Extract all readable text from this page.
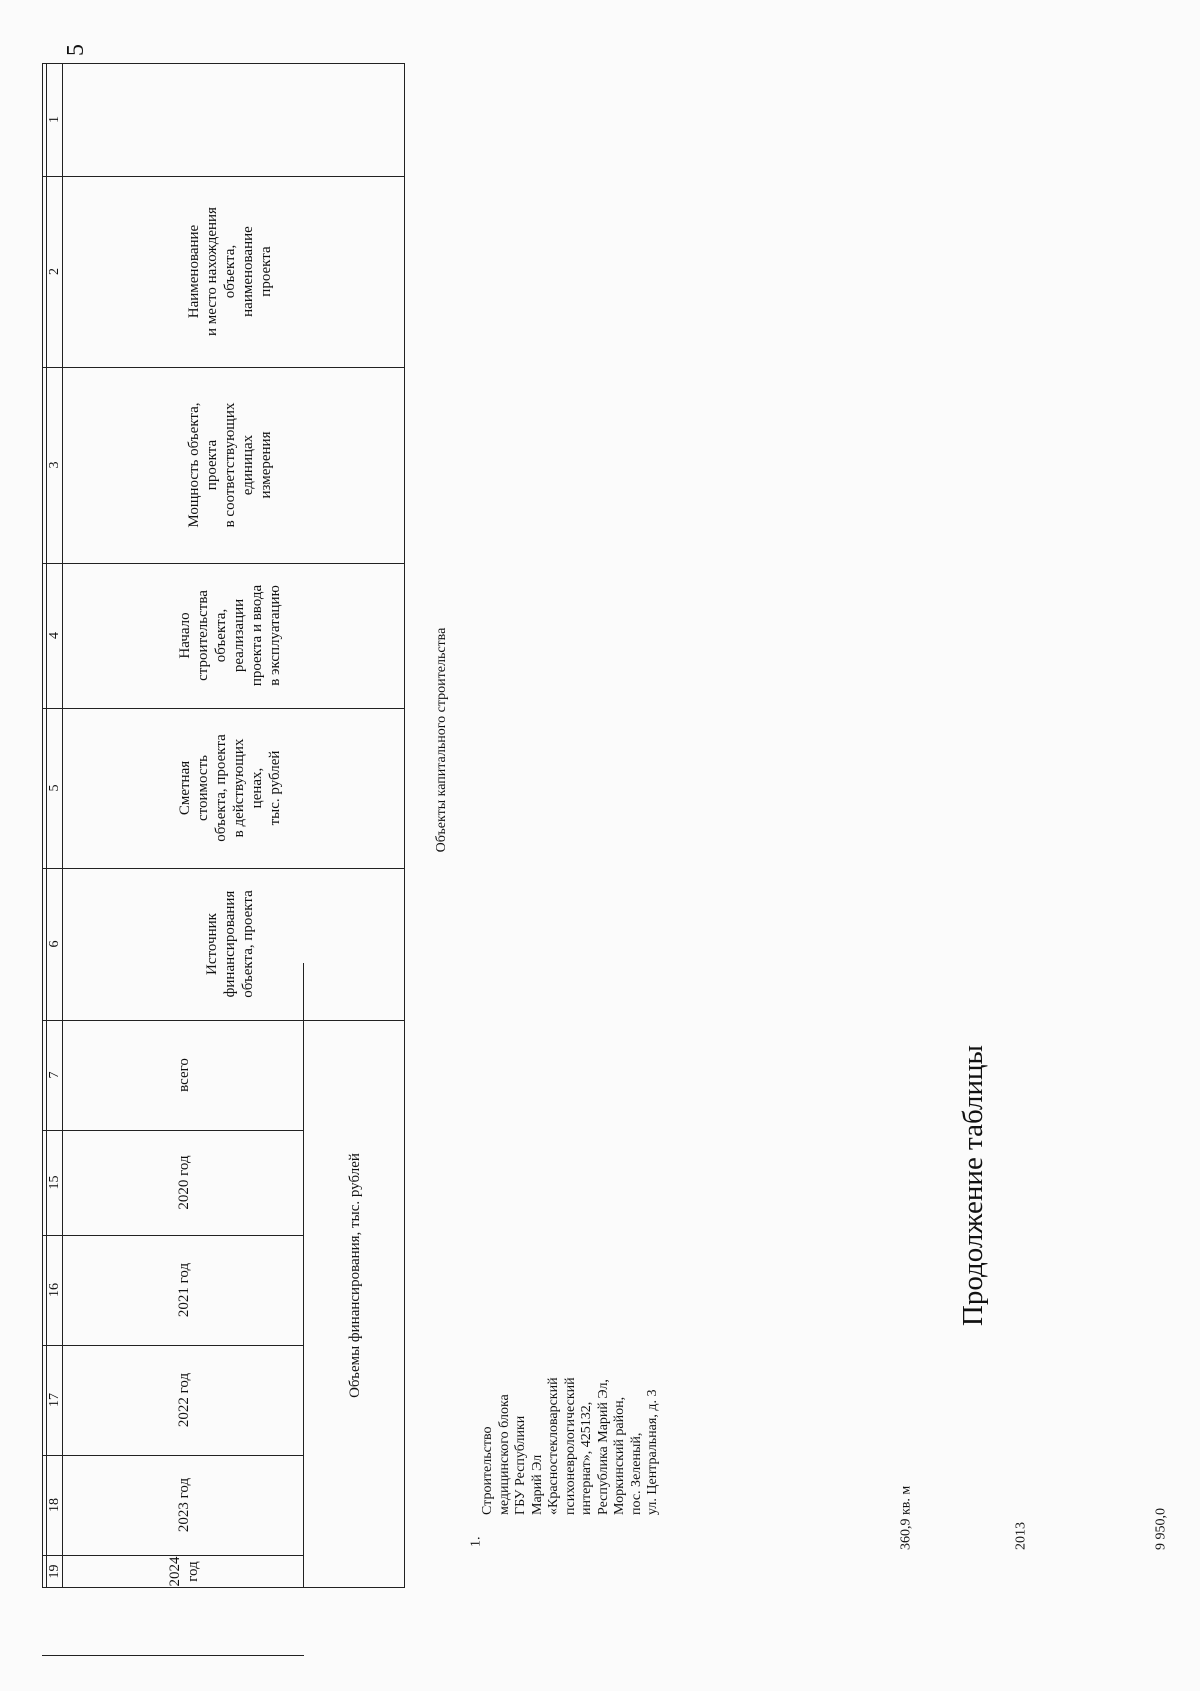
5
Продолжение таблицы
Наименование
и место нахождения
объекта,
наименование
проекта
Мощность объекта,
проекта
в соответствующих
единицах
измерения
Начало
строительства
объекта,
реализации
проекта и ввода
в эксплуатацию
Сметная
стоимость
объекта, проекта
в действующих
ценах,
тыс. рублей
Источник
финансирования
объекта, проекта
Объемы финансирования, тыс. рублей
всего
2020 год
2021 год
2022 год
2023 год
2024 год
1
2
3
4
5
6
7
15
16
17
18
19
Объекты капитального строительства
1.
Строительство
медицинского блока
ГБУ Республики
Марий Эл
«Красностекловарский
психоневрологический
интернат», 425132,
Республика Марий Эл,
Моркинский район,
пос. Зеленый,
ул. Центральная, д. 3
360,9 кв. м	2013	9 950,0
